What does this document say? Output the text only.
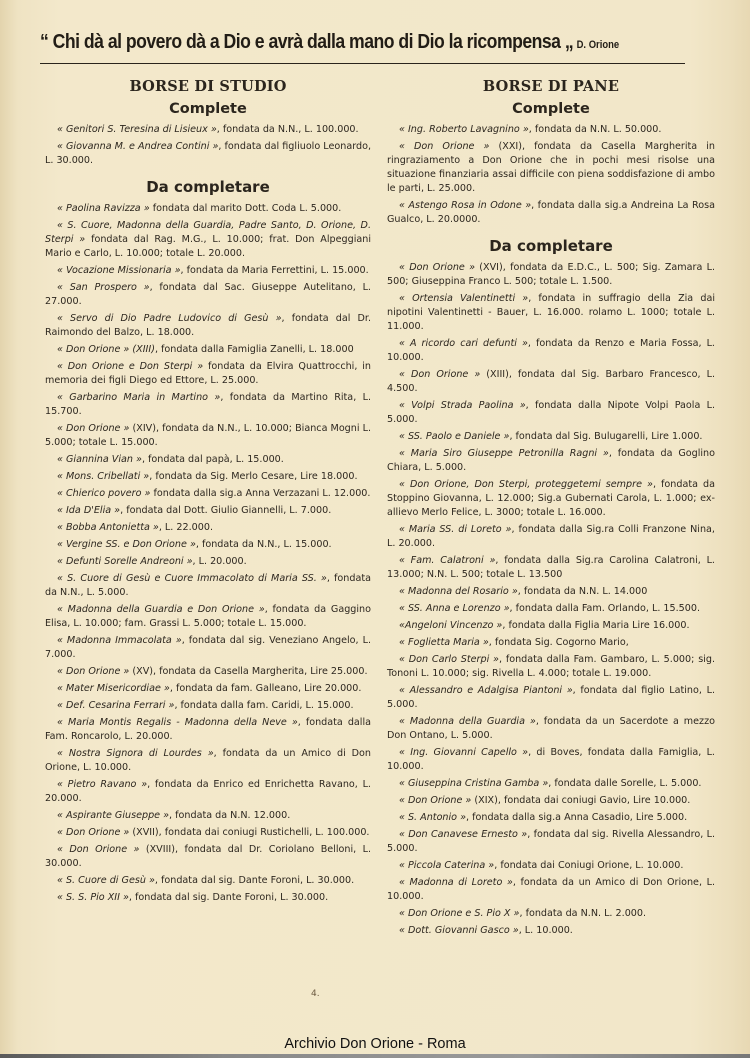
“ Chi dà al povero dà a Dio e avrà dalla mano di Dio la ricompensa „ D. Orione
BORSE DI STUDIO
Complete
« Genitori S. Teresina di Lisieux », fondata da N.N., L. 100.000.
« Giovanna M. e Andrea Contini », fondata dal figliuolo Leonardo, L. 30.000.
Da completare
« Paolina Ravizza » fondata dal marito Dott. Coda L. 5.000.
« S. Cuore, Madonna della Guardia, Padre Santo, D. Orione, D. Sterpi » fondata dal Rag. M.G., L. 10.000; frat. Don Alpeggiani Mario e Carlo, L. 10.000; totale L. 20.000.
« Vocazione Missionaria », fondata da Maria Ferrettini, L. 15.000.
« San Prospero », fondata dal Sac. Giuseppe Autelitano, L. 27.000.
« Servo di Dio Padre Ludovico di Gesù », fondata dal Dr. Raimondo del Balzo, L. 18.000.
« Don Orione » (XIII), fondata dalla Famiglia Zanelli, L. 18.000
« Don Orione e Don Sterpi » fondata da Elvira Quattrocchi, in memoria dei figli Diego ed Ettore, L. 25.000.
« Garbarino Maria in Martino », fondata da Martino Rita, L. 15.700.
« Don Orione » (XIV), fondata da N.N., L. 10.000; Bianca Mogni L. 5.000; totale L. 15.000.
« Giannina Vian », fondata dal papà, L. 15.000.
« Mons. Cribellati », fondata da Sig. Merlo Cesare, Lire 18.000.
« Chierico povero » fondata dalla sig.a Anna Verzazani L. 12.000.
« Ida D'Elia », fondata dal Dott. Giulio Giannelli, L. 7.000.
« Bobba Antonietta », L. 22.000.
« Vergine SS. e Don Orione », fondata da N.N., L. 15.000.
« Defunti Sorelle Andreoni », L. 20.000.
« S. Cuore di Gesù e Cuore Immacolato di Maria SS. », fondata da N.N., L. 5.000.
« Madonna della Guardia e Don Orione », fondata da Gaggino Elisa, L. 10.000; fam. Grassi L. 5.000; totale L. 15.000.
« Madonna Immacolata », fondata dal sig. Veneziano Angelo, L. 7.000.
« Don Orione » (XV), fondata da Casella Margherita, Lire 25.000.
« Mater Misericordiae », fondata da fam. Galleano, Lire 20.000.
« Def. Cesarina Ferrari », fondata dalla fam. Caridi, L. 15.000.
« Maria Montis Regalis - Madonna della Neve », fondata dalla Fam. Roncarolo, L. 20.000.
« Nostra Signora di Lourdes », fondata da un Amico di Don Orione, L. 10.000.
« Pietro Ravano », fondata da Enrico ed Enrichetta Ravano, L. 20.000.
« Aspirante Giuseppe », fondata da N.N. 12.000.
« Don Orione » (XVII), fondata dai coniugi Rustichelli, L. 100.000.
« Don Orione » (XVIII), fondata dal Dr. Coriolano Belloni, L. 30.000.
« S. Cuore di Gesù », fondata dal sig. Dante Foroni, L. 30.000.
« S. S. Pio XII », fondata dal sig. Dante Foroni, L. 30.000.
BORSE DI PANE
Complete
« Ing. Roberto Lavagnino », fondata da N.N. L. 50.000.
« Don Orione » (XXI), fondata da Casella Margherita in ringraziamento a Don Orione che in pochi mesi risolse una situazione finanziaria assai difficile con piena soddisfazione di ambo le parti, L. 25.000.
« Astengo Rosa in Odone », fondata dalla sig.a Andreina La Rosa Gualco, L. 20.0000.
Da completare
« Don Orione » (XVI), fondata da E.D.C., L. 500; Sig. Zamara L. 500; Giuseppina Franco L. 500; totale L. 1.500.
« Ortensia Valentinetti », fondata in suffragio della Zia dai nipotini Valentinetti - Bauer, L. 16.000. rolamo L. 1000; totale L. 11.000.
« A ricordo cari defunti », fondata da Renzo e Maria Fossa, L. 10.000.
« Don Orione » (XIII), fondata dal Sig. Barbaro Francesco, L. 4.500.
« Volpi Strada Paolina », fondata dalla Nipote Volpi Paola L. 5.000.
« SS. Paolo e Daniele », fondata dal Sig. Bulugarelli, Lire 1.000.
« Maria Siro Giuseppe Petronilla Ragni », fondata da Goglino Chiara, L. 5.000.
« Don Orione, Don Sterpi, proteggetemi sempre », fondata da Stoppino Giovanna, L. 12.000; Sig.a Gubernati Carola, L. 1.000; ex-allievo Merlo Felice, L. 3000; totale L. 16.000.
« Maria SS. di Loreto », fondata dalla Sig.ra Colli Franzone Nina, L. 20.000.
« Fam. Calatroni », fondata dalla Sig.ra Carolina Calatroni, L. 13.000; N.N. L. 500; totale L. 13.500
« Madonna del Rosario », fondata da N.N. L. 14.000
« SS. Anna e Lorenzo », fondata dalla Fam. Orlando, L. 15.500.
«Angeloni Vincenzo », fondata dalla Figlia Maria Lire 16.000.
« Foglietta Maria », fondata Sig. Cogorno Mario,
« Don Carlo Sterpi », fondata dalla Fam. Gambaro, L. 5.000; sig. Tononi L. 10.000; sig. Rivella L. 4.000; totale L. 19.000.
« Alessandro e Adalgisa Piantoni », fondata dal figlio Latino, L. 5.000.
« Madonna della Guardia », fondata da un Sacerdote a mezzo Don Ontano, L. 5.000.
« Ing. Giovanni Capello », di Boves, fondata dalla Famiglia, L. 10.000.
« Giuseppina Cristina Gamba », fondata dalle Sorelle, L. 5.000.
« Don Orione » (XIX), fondata dai coniugi Gavio, Lire 10.000.
« S. Antonio », fondata dalla sig.a Anna Casadio, Lire 5.000.
« Don Canavese Ernesto », fondata dal sig. Rivella Alessandro, L. 5.000.
« Piccola Caterina », fondata dai Coniugi Orione, L. 10.000.
« Madonna di Loreto », fondata da un Amico di Don Orione, L. 10.000.
« Don Orione e S. Pio X », fondata da N.N. L. 2.000.
« Dott. Giovanni Gasco », L. 10.000.
4.
Archivio Don Orione - Roma
